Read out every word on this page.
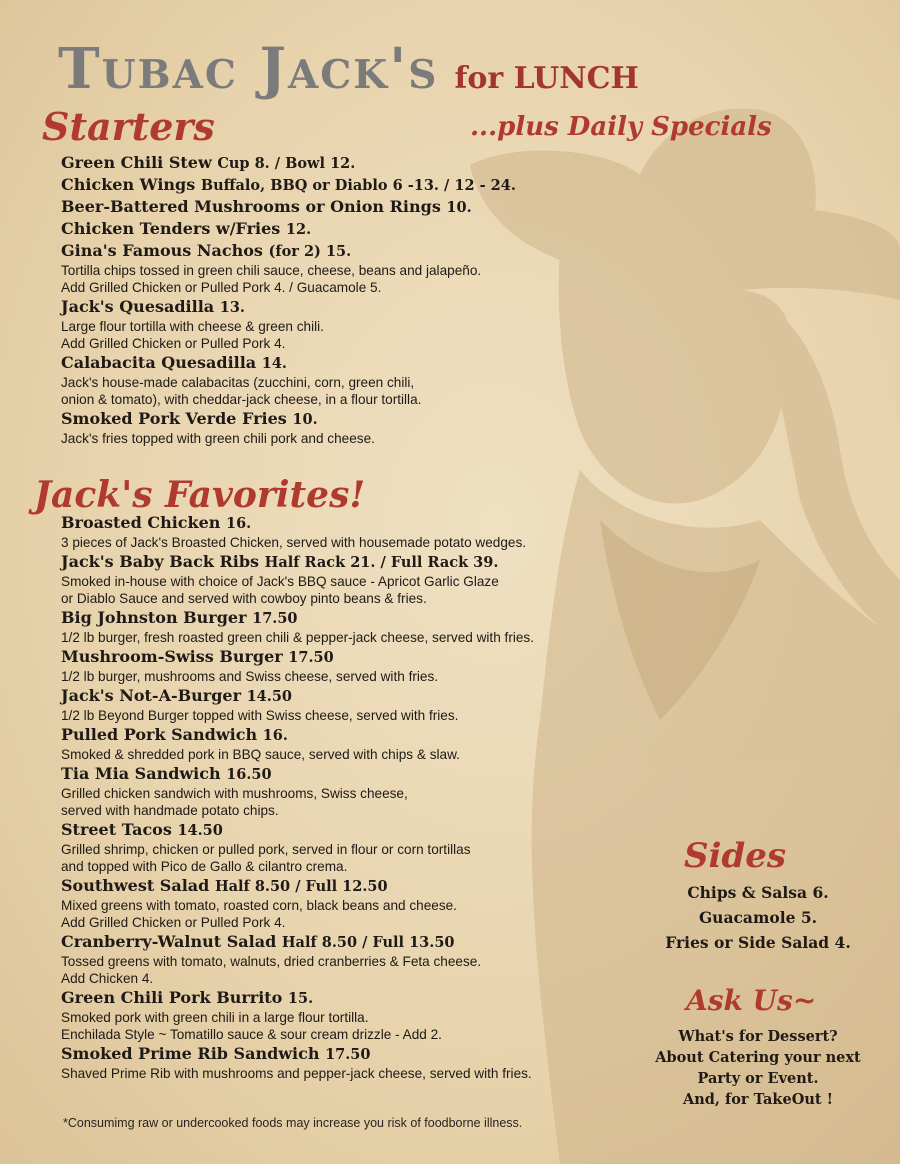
Tubac Jack's for LUNCH
...plus Daily Specials
Starters
Green Chili Stew Cup 8. / Bowl 12.
Chicken Wings Buffalo, BBQ or Diablo 6 -13. / 12 - 24.
Beer-Battered Mushrooms or Onion Rings 10.
Chicken Tenders w/Fries 12.
Gina's Famous Nachos (for 2) 15.
Tortilla chips tossed in green chili sauce, cheese, beans and jalapeño.
Add Grilled Chicken or Pulled Pork 4. / Guacamole 5.
Jack's Quesadilla 13.
Large flour tortilla with cheese & green chili.
Add Grilled Chicken or Pulled Pork 4.
Calabacita Quesadilla 14.
Jack's house-made calabacitas (zucchini, corn, green chili,
onion & tomato), with cheddar-jack cheese, in a flour tortilla.
Smoked Pork Verde Fries 10.
Jack's fries topped with green chili pork and cheese.
Jack's Favorites!
Broasted Chicken 16.
3 pieces of Jack's Broasted Chicken, served with housemade potato wedges.
Jack's Baby Back Ribs Half Rack 21. / Full Rack 39.
Smoked in-house with choice of Jack's BBQ sauce - Apricot Garlic Glaze
or Diablo Sauce and served with cowboy pinto beans & fries.
Big Johnston Burger 17.50
1/2 lb burger, fresh roasted green chili & pepper-jack cheese, served with fries.
Mushroom-Swiss Burger 17.50
1/2 lb burger, mushrooms and Swiss cheese, served with fries.
Jack's Not-A-Burger 14.50
1/2 lb Beyond Burger topped with Swiss cheese, served with fries.
Pulled Pork Sandwich 16.
Smoked & shredded pork in BBQ sauce, served with chips & slaw.
Tia Mia Sandwich 16.50
Grilled chicken sandwich with mushrooms, Swiss cheese,
served with handmade potato chips.
Street Tacos 14.50
Grilled shrimp, chicken or pulled pork, served in flour or corn tortillas
and topped with Pico de Gallo & cilantro crema.
Southwest Salad Half 8.50 / Full 12.50
Mixed greens with tomato, roasted corn, black beans and cheese.
Add Grilled Chicken or Pulled Pork 4.
Cranberry-Walnut Salad Half 8.50 / Full 13.50
Tossed greens with tomato, walnuts, dried cranberries & Feta cheese.
Add Chicken 4.
Green Chili Pork Burrito 15.
Smoked pork with green chili in a large flour tortilla.
Enchilada Style ~ Tomatillo sauce & sour cream drizzle - Add 2.
Smoked Prime Rib Sandwich 17.50
Shaved Prime Rib with mushrooms and pepper-jack cheese, served with fries.
Sides
Chips & Salsa 6.
Guacamole 5.
Fries or Side Salad 4.
Ask Us~
What's for Dessert?
About Catering your next Party or Event.
And, for TakeOut !
*Consumimg raw or undercooked foods may increase you risk of foodborne illness.
